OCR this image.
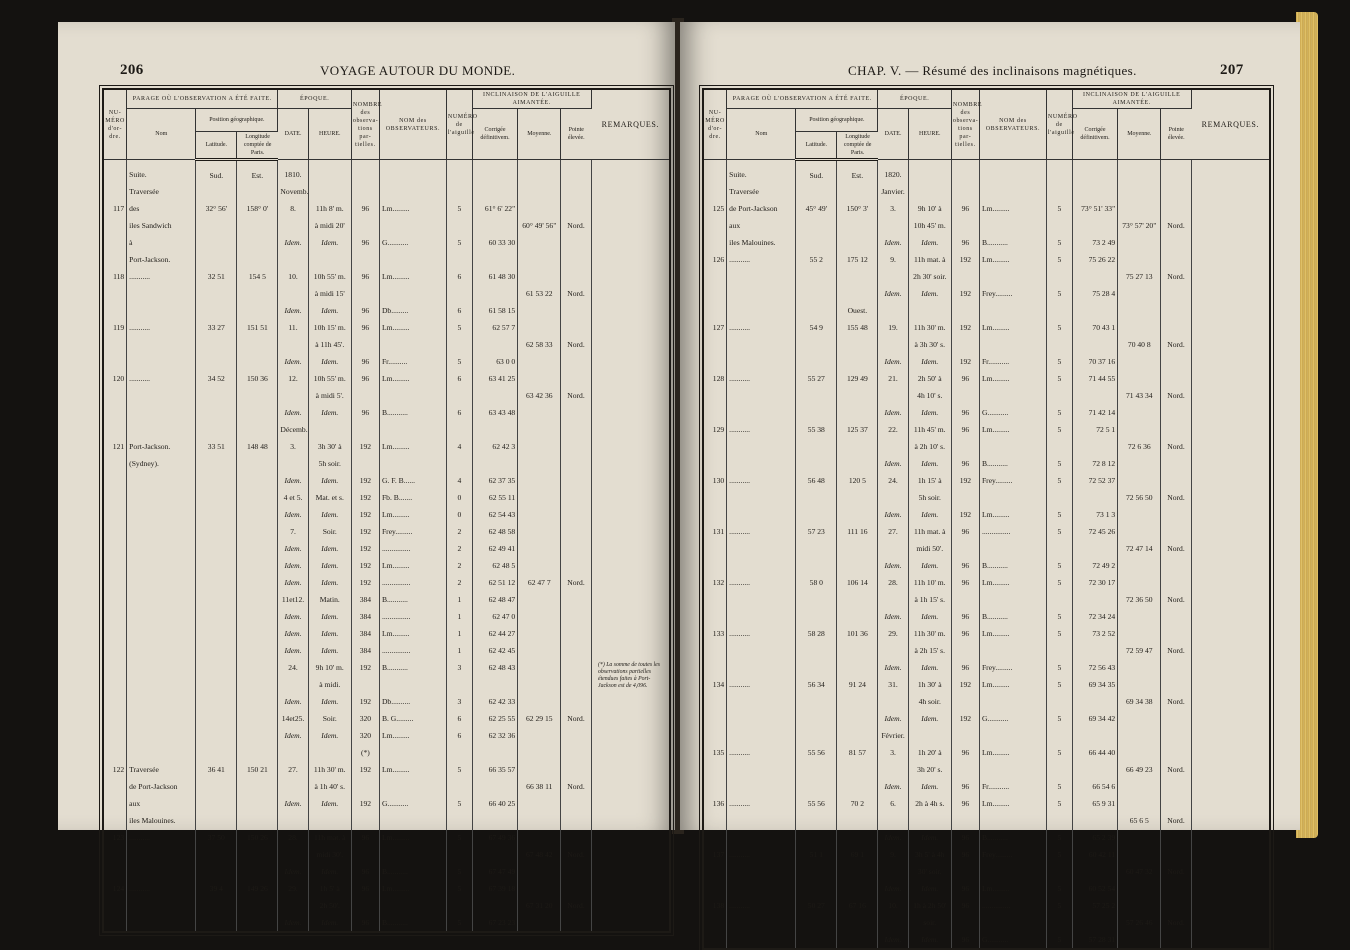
206	VOYAGE AUTOUR DU MONDE.
NU-MÉRO d'or-dre.	PARAGE OÙ L'OBSERVATION A ÉTÉ FAITE.			ÉPOQUE.		NOMBRE des observa-tions par-tielles.	NOM des OBSERVATEURS.	NUMÉRO de l'aiguille	INCLINAISON DE L'AIGUILLE AIMANTÉE.			REMARQUES.
	Nom	Position géographique.		DATE.	HEURE.				Corrigée définitivem.	Moyenne.	Pointe élevée.	
		Latitude.	Longitude comptée de Paris.									
	Suite.	Sud.	Est.	1810.								
	Traversée			Novemb.								
117	des	32° 56'	158° 0'	8.	11h 8' m.	96	Lm.........	5	61° 6' 22"			
	iles Sandwich				à midi 20'					60° 49' 56"	Nord.	
	à			Idem.	Idem.	96	G...........	5	60 33 30			
	Port-Jackson.											
118	...........	32 51	154 5	10.	10h 55' m.	96	Lm.........	6	61 48 30			
					à midi 15'					61 53 22	Nord.	
				Idem.	Idem.	96	Db.........	6	61 58 15			
119	...........	33 27	151 51	11.	10h 15' m.	96	Lm.........	5	62 57 7			
					à 11h 45'.					62 58 33	Nord.	
				Idem.	Idem.	96	Fr..........	5	63 0 0			
120	...........	34 52	150 36	12.	10h 55' m.	96	Lm.........	6	63 41 25			
					à midi 5'.					63 42 36	Nord.	
				Idem.	Idem.	96	B...........	6	63 43 48			
				Décemb.								
121	Port-Jackson.	33 51	148 48	3.	3h 30' à	192	Lm.........	4	62 42 3			
	(Sydney).				5h soir.							
				Idem.	Idem.	192	G. F. B......	4	62 37 35			
				4 et 5.	Mat. et s.	192	Fb. B.......	0	62 55 11			
				Idem.	Idem.	192	Lm.........	0	62 54 43			
				7.	Soir.	192	Frey.........	2	62 48 58			
				Idem.	Idem.	192	...............	2	62 49 41			
				Idem.	Idem.	192	Lm.........	2	62 48 5			
				Idem.	Idem.	192	...............	2	62 51 12	62 47 7	Nord.	
				11et12.	Matin.	384	B...........	1	62 48 47			
				Idem.	Idem.	384	...............	1	62 47 0			
				Idem.	Idem.	384	Lm.........	1	62 44 27			
				Idem.	Idem.	384	...............	1	62 42 45			
				24.	9h 10' m.	192	B...........	3	62 48 43			
					à midi.							
				Idem.	Idem.	192	Db..........	3	62 42 33			
				14et25.	Soir.	320	B. G.........	6	62 25 55	62 29 15	Nord.	
				Idem.	Idem.	320	Lm.........	6	62 32 36			
						(*)						
122	Traversée	36 41	150 21	27.	11h 30' m.	192	Lm.........	5	66 35 57			
	de Port-Jackson				à 1h 40' s.					66 38 11	Nord.	
	aux			Idem.	Idem.	192	G...........	5	66 40 25			
	iles Malouines.											
123	...........	37 50	150 26	28.	11h mat. à	96	Lm.........	5	67 49 36			
					midi 30'.					67 48 42	Nord.	
				Idem.	Idem.	96	B...........	5	67 47 49			
124	...........	39 4	149 26	29.	1h 5' à	96	Lm.........	5	67 39 18			
					2h 50'.					67 31 20	Nord.	
				Idem.	Idem.	96	B...........	5	67 23 23			
(*) La somme de toutes les observations partielles étendues faites à Port-Jackson est de 4,096.
CHAP. V. — Résumé des inclinaisons magnétiques.	207
NU-MÉRO d'or-dre.	PARAGE OÙ L'OBSERVATION A ÉTÉ FAITE.			ÉPOQUE.		NOMBRE des observa-tions par-tielles.	NOM des OBSERVATEURS.	NUMÉRO de l'aiguille	INCLINAISON DE L'AIGUILLE AIMANTÉE.			REMARQUES.
	Nom	Position géographique.		DATE.	HEURE.				Corrigée définitivem.	Moyenne.	Pointe élevée.	
		Latitude.	Longitude comptée de Paris.									
	Suite.	Sud.	Est.	1820.								
	Traversée			Janvier.								
125	de Port-Jackson	45° 49'	150° 3'	3.	9h 10' à	96	Lm.........	5	73° 51' 33"			
	aux				10h 45' m.					73° 57' 20"	Nord.	
	iles Malouines.			Idem.	Idem.	96	B...........	5	73 2 49			
126	...........	55 2	175 12	9.	11h mat. à	192	Lm.........	5	75 26 22			
					2h 30' soir.					75 27 13	Nord.	
				Idem.	Idem.	192	Frey.........	5	75 28 4			
			Ouest.									
127	...........	54 9	155 48	19.	11h 30' m.	192	Lm.........	5	70 43 1			
					à 3h 30' s.					70 40 8	Nord.	
				Idem.	Idem.	192	Fr...........	5	70 37 16			
128	...........	55 27	129 49	21.	2h 50' à	96	Lm.........	5	71 44 55			
					4h 10' s.					71 43 34	Nord.	
				Idem.	Idem.	96	G...........	5	71 42 14			
129	...........	55 38	125 37	22.	11h 45' m.	96	Lm.........	5	72 5 1			
					à 2h 10' s.					72 6 36	Nord.	
				Idem.	Idem.	96	B...........	5	72 8 12			
130	...........	56 48	120 5	24.	1h 15' à	192	Frey.........	5	72 52 37			
					5h soir.					72 56 50	Nord.	
				Idem.	Idem.	192	Lm.........	5	73 1 3			
131	...........	57 23	111 16	27.	11h mat. à	96	...............	5	72 45 26			
					midi 50'.					72 47 14	Nord.	
				Idem.	Idem.	96	B...........	5	72 49 2			
132	...........	58 0	106 14	28.	11h 10' m.	96	Lm.........	5	72 30 17			
					à 1h 15' s.					72 36 50	Nord.	
				Idem.	Idem.	96	B...........	5	72 34 24			
133	...........	58 28	101 36	29.	11h 30' m.	96	Lm.........	5	73 2 52			
					à 2h 15' s.					72 59 47	Nord.	
				Idem.	Idem.	96	Frey.........	5	72 56 43			
134	...........	56 34	91 24	31.	1h 30' à	192	Lm.........	5	69 34 35			
					4h soir.					69 34 38	Nord.	
				Idem.	Idem.	192	G...........	5	69 34 42			
				Février.								
135	...........	55 56	81 57	3.	1h 20' à	96	Lm.........	5	66 44 40			
					3h 20' s.					66 49 23	Nord.	
				Idem.	Idem.	96	Fr...........	5	66 54 6			
136	...........	55 56	70 2	6.	2h à 4h s.	96	Lm.........	5	65 9 31			
										65 6 5	Nord.	
				Idem.	Idem.	96	B...........	5	65 2 39			
137	...........	51 1	69 1	9.	3h 5' à 4h	96	Frey.........	5	60 42 11			
					30' soir.					60 47 32	Nord.	
				Idem.	Idem.	96	Lm.........	5	60 52 54			
138	...........	50 27	67 16	10.	1h à 2h 50'	96	...............	5	57 25 2			
					soir.					57 26 46	Nord.	
				Idem.	Idem.	96	G...........	5	57 28 31			
